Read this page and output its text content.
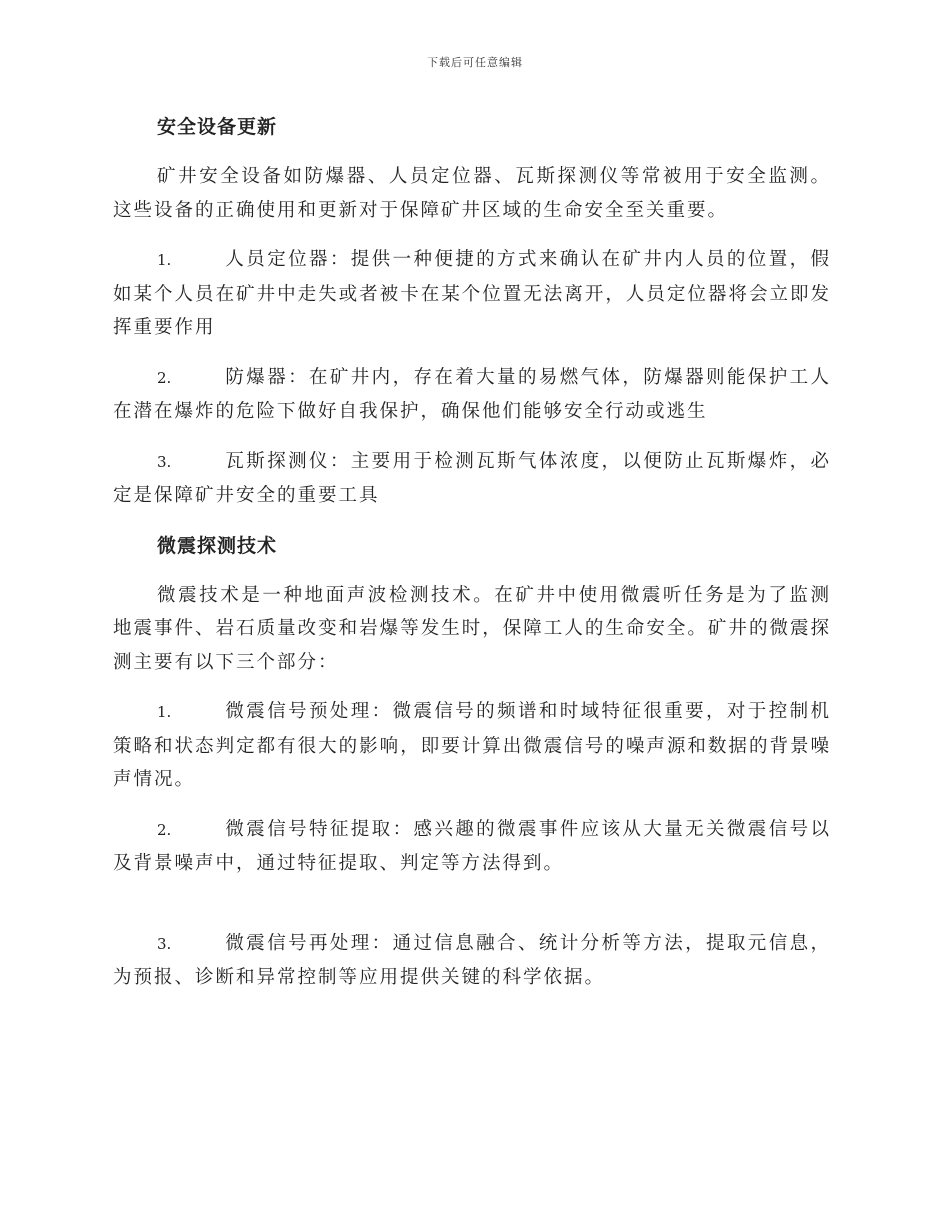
下载后可任意编辑
安全设备更新

矿井安全设备如防爆器、人员定位器、瓦斯探测仪等常被用于安全监测。这些设备的正确使用和更新对于保障矿井区域的生命安全至关重要。

1.	人员定位器：提供一种便捷的方式来确认在矿井内人员的位置，假如某个人员在矿井中走失或者被卡在某个位置无法离开，人员定位器将会立即发挥重要作用

2.	防爆器：在矿井内，存在着大量的易燃气体，防爆器则能保护工人在潜在爆炸的危险下做好自我保护，确保他们能够安全行动或逃生

3.	瓦斯探测仪：主要用于检测瓦斯气体浓度，以便防止瓦斯爆炸，必定是保障矿井安全的重要工具

微震探测技术

微震技术是一种地面声波检测技术。在矿井中使用微震听任务是为了监测地震事件、岩石质量改变和岩爆等发生时，保障工人的生命安全。矿井的微震探测主要有以下三个部分：

1.	微震信号预处理：微震信号的频谱和时域特征很重要，对于控制机策略和状态判定都有很大的影响，即要计算出微震信号的噪声源和数据的背景噪声情况。

2.	微震信号特征提取：感兴趣的微震事件应该从大量无关微震信号以及背景噪声中，通过特征提取、判定等方法得到。

3.	微震信号再处理：通过信息融合、统计分析等方法，提取元信息，为预报、诊断和异常控制等应用提供关键的科学依据。
